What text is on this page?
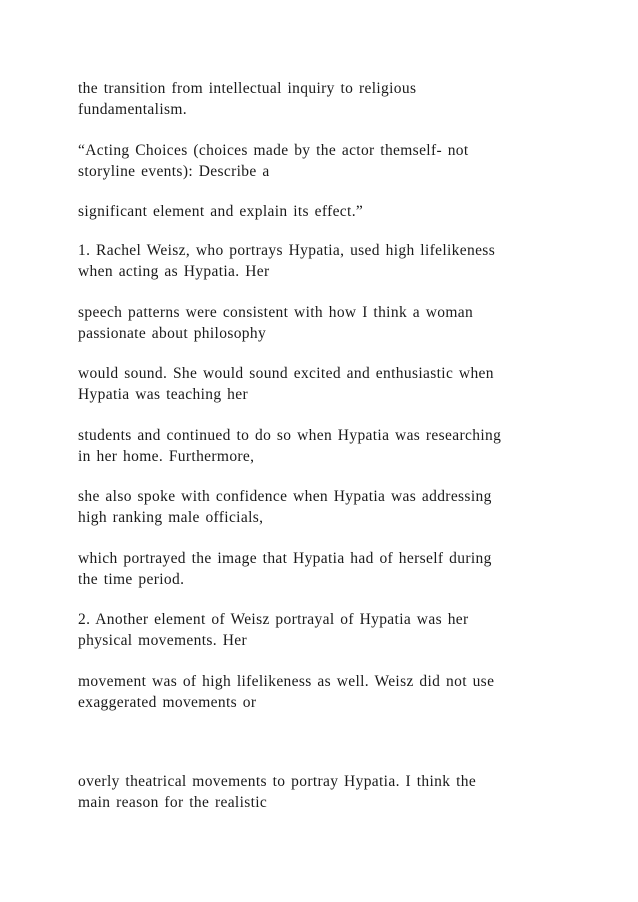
the transition from intellectual inquiry to religious
fundamentalism.

“Acting Choices (choices made by the actor themself- not
storyline events): Describe a

significant element and explain its effect.”

1. Rachel Weisz, who portrays Hypatia, used high lifelikeness
when acting as Hypatia. Her

speech patterns were consistent with how I think a woman
passionate about philosophy

would sound. She would sound excited and enthusiastic when
Hypatia was teaching her

students and continued to do so when Hypatia was researching
in her home. Furthermore,

she also spoke with confidence when Hypatia was addressing
high ranking male officials,

which portrayed the image that Hypatia had of herself during
the time period.

2. Another element of Weisz portrayal of Hypatia was her
physical movements. Her

movement was of high lifelikeness as well. Weisz did not use
exaggerated movements or

overly theatrical movements to portray Hypatia. I think the
main reason for the realistic
